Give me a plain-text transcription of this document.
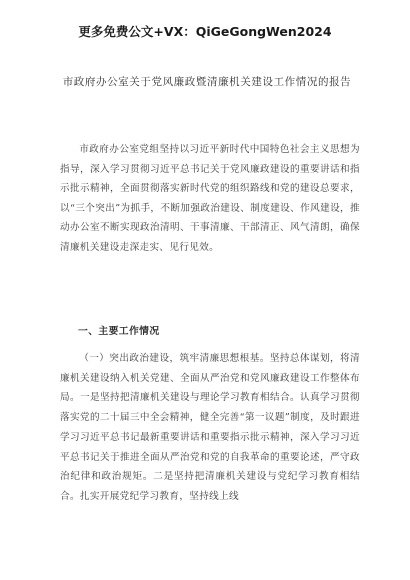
更多免费公文+VX：QiGeGongWen2024
市政府办公室关于党风廉政暨清廉机关建设工作情况的报告
市政府办公室党组坚持以习近平新时代中国特色社会主义思想为指导，深入学习贯彻习近平总书记关于党风廉政建设的重要讲话和指示批示精神，全面贯彻落实新时代党的组织路线和党的建设总要求，以“三个突出”为抓手，不断加强政治建设、制度建设、作风建设，推动办公室不断实现政治清明、干事清廉、干部清正、风气清朗，确保清廉机关建设走深走实、见行见效。
一、主要工作情况
（一）突出政治建设，筑牢清廉思想根基。坚持总体谋划，将清廉机关建设纳入机关党建、全面从严治党和党风廉政建设工作整体布局。一是坚持把清廉机关建设与理论学习教育相结合。认真学习贯彻落实党的二十届三中全会精神，健全完善“第一议题”制度，及时跟进学习习近平总书记最新重要讲话和重要指示批示精神，深入学习习近平总书记关于推进全面从严治党和党的自我革命的重要论述，严守政治纪律和政治规矩。二是坚持把清廉机关建设与党纪学习教育相结合。扎实开展党纪学习教育，坚持线上线
